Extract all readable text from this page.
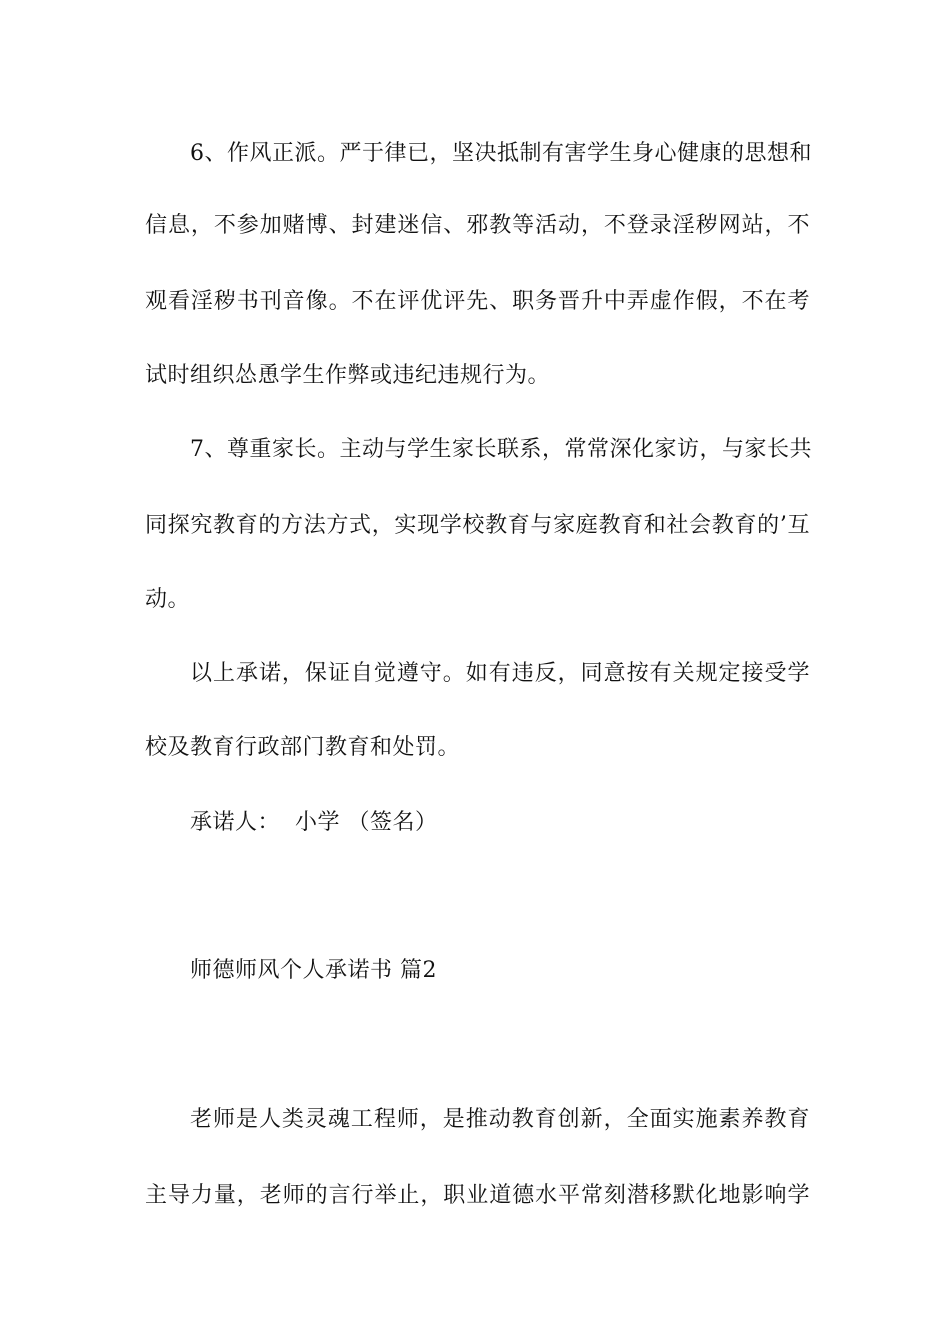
6、作风正派。严于律已，坚决抵制有害学生身心健康的思想和
信息，不参加赌博、封建迷信、邪教等活动，不登录淫秽网站，不
观看淫秽书刊音像。不在评优评先、职务晋升中弄虚作假，不在考
试时组织怂恿学生作弊或违纪违规行为。
7、尊重家长。主动与学生家长联系，常常深化家访，与家长共
同探究教育的方法方式，实现学校教育与家庭教育和社会教育的’互
动。
以上承诺，保证自觉遵守。如有违反，同意按有关规定接受学
校及教育行政部门教育和处罚。
承诺人：  小学 （签名）
师德师风个人承诺书 篇2
老师是人类灵魂工程师，是推动教育创新，全面实施素养教育
主导力量，老师的言行举止，职业道德水平常刻潜移默化地影响学
